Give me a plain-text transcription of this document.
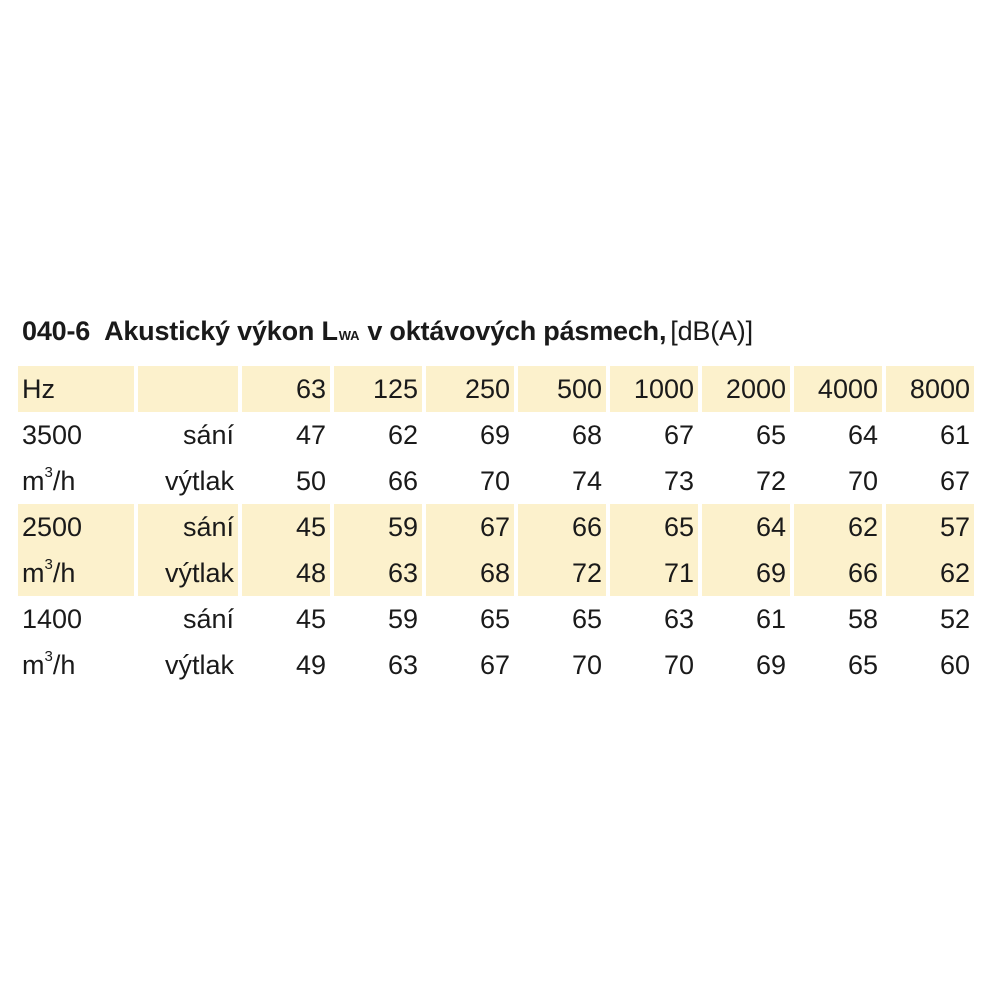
040-6 Akustický výkon LWA v oktávových pásmech, [dB(A)]
Hz		63	125	250	500	1000	2000	4000	8000
3500	sání	47	62	69	68	67	65	64	61
$m^3/h$	výtlak	50	66	70	74	73	72	70	67
2500	sání	45	59	67	66	65	64	62	57
$m^3/h$	výtlak	48	63	68	72	71	69	66	62
1400	sání	45	59	65	65	63	61	58	52
$m^3/h$	výtlak	49	63	67	70	70	69	65	60
